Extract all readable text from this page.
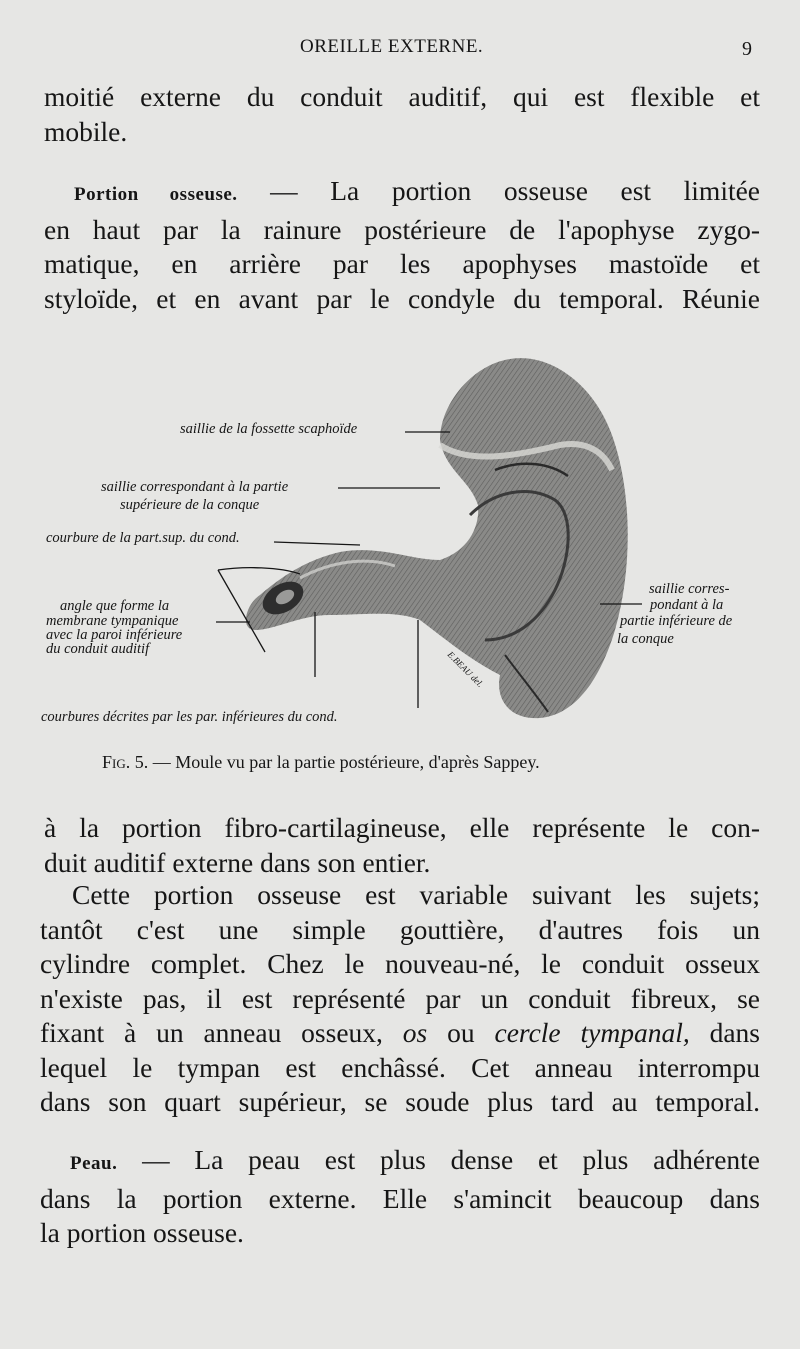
OREILLE EXTERNE.	9
moitié externe du conduit auditif, qui est flexible et
mobile.
Portion osseuse. — La portion osseuse est limitée
en haut par la rainure postérieure de l'apophyse zygo-
matique, en arrière par les apophyses mastoïde et
styloïde, et en avant par le condyle du temporal. Réunie
E.BEAU del.
saillie de la fossette scaphoïde
saillie correspondant à la partie
supérieure de la conque
courbure de la part.sup. du cond.
angle que forme la
membrane tympanique
avec la paroi inférieure
du conduit auditif
saillie corres-
pondant à la
partie inférieure de
la conque
courbures décrites par les par. inférieures du cond.
Fig. 5. — Moule vu par la partie postérieure, d'après Sappey.
à la portion fibro-cartilagineuse, elle représente le con-
duit auditif externe dans son entier.
Cette portion osseuse est variable suivant les sujets;
tantôt c'est une simple gouttière, d'autres fois un
cylindre complet. Chez le nouveau-né, le conduit osseux
n'existe pas, il est représenté par un conduit fibreux, se
fixant à un anneau osseux, os ou cercle tympanal, dans
lequel le tympan est enchâssé. Cet anneau interrompu
dans son quart supérieur, se soude plus tard au temporal.
Peau. — La peau est plus dense et plus adhérente
dans la portion externe. Elle s'amincit beaucoup dans
la portion osseuse.
